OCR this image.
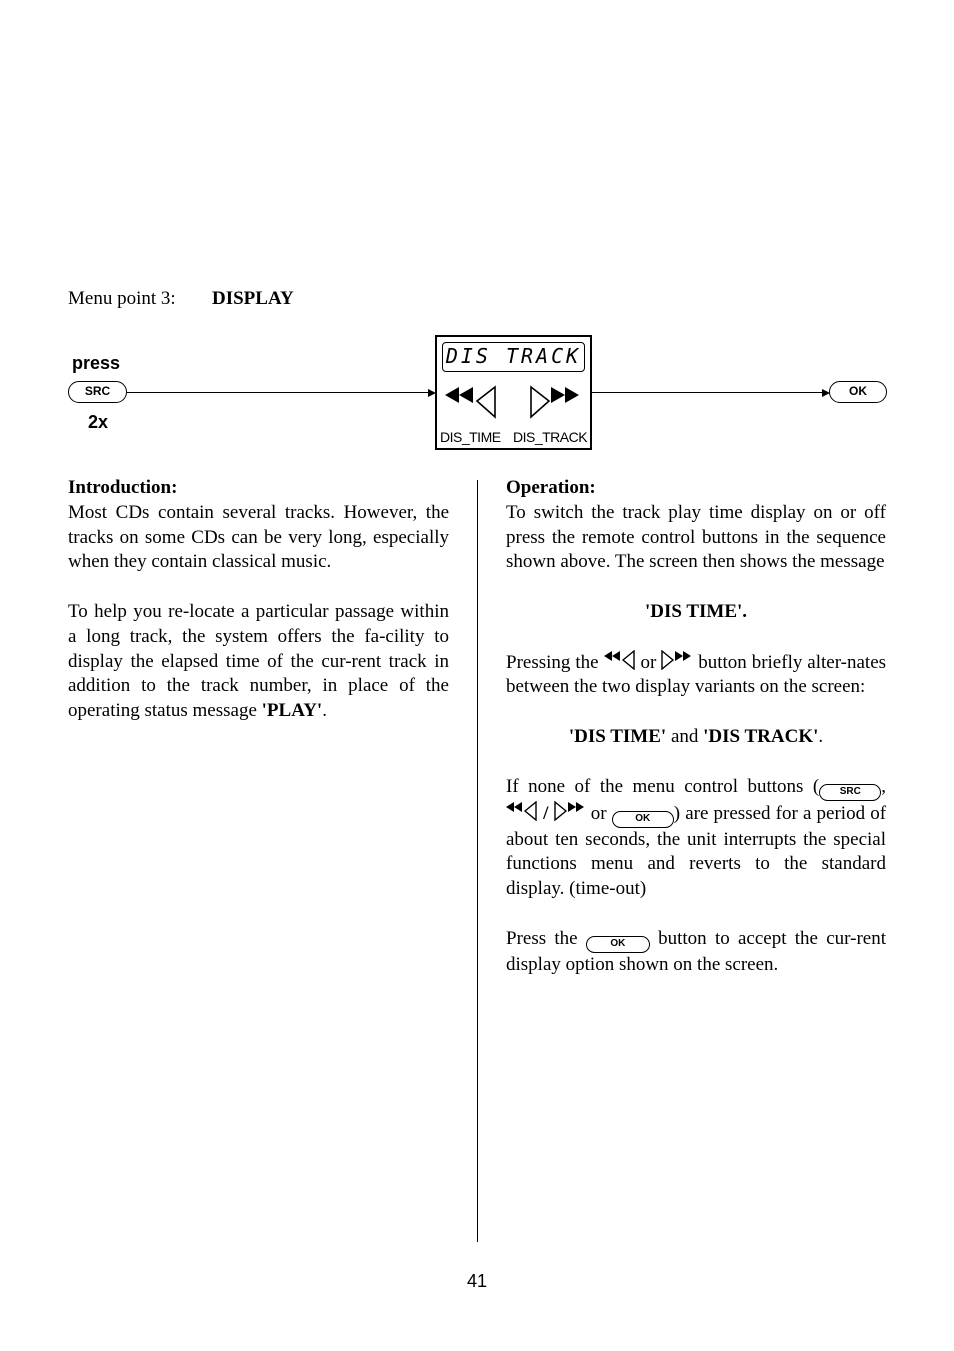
Menu point 3: DISPLAY
press
SRC
2x
DIS TRACK
DIS_TIME DIS_TRACK
OK

Introduction:

Most CDs contain several tracks. However, the tracks on some CDs can be very long, especially when they contain classical music.

To help you re-locate a particular passage within a long track, the system offers the fa-cility to display the elapsed time of the cur-rent track in addition to the track number, in place of the operating status message 'PLAY'.

Operation:

To switch the track play time display on or off press the remote control buttons in the sequence shown above. The screen then shows the message

'DIS TIME'.

Pressing the or button briefly alter-nates between the two display variants on the screen:

'DIS TIME' and 'DIS TRACK'.

If none of the menu control buttons ( SRC ,  / or	OK ) are pressed for a period of about ten seconds, the unit interrupts the special functions menu and reverts to the standard display. (time-out)

Press the	OK button to accept the cur-rent display option shown on the screen.

41
